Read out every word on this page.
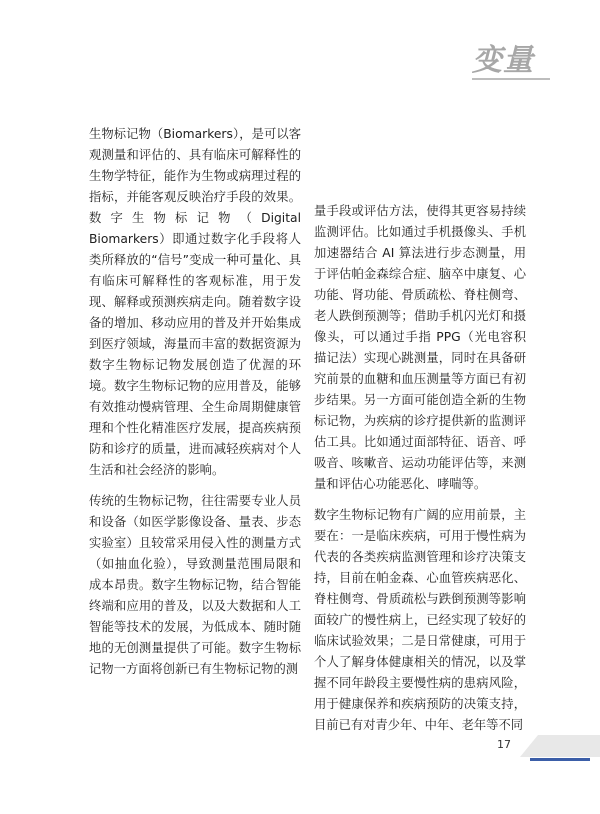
变量

生物标记物（Biomarkers），是可以客观测量和评估的、具有临床可解释性的生物学特征，能作为生物或病理过程的指标，并能客观反映治疗手段的效果。数字生物标记物（Digital Biomarkers）即通过数字化手段将人类所释放的“信号”变成一种可量化、具有临床可解释性的客观标准，用于发现、解释或预测疾病走向。随着数字设备的增加、移动应用的普及并开始集成到医疗领域，海量而丰富的数据资源为数字生物标记物发展创造了优渥的环境。数字生物标记物的应用普及，能够有效推动慢病管理、全生命周期健康管理和个性化精准医疗发展，提高疾病预防和诊疗的质量，进而减轻疾病对个人生活和社会经济的影响。

传统的生物标记物，往往需要专业人员和设备（如医学影像设备、量表、步态实验室）且较常采用侵入性的测量方式（如抽血化验），导致测量范围局限和成本昂贵。数字生物标记物，结合智能终端和应用的普及，以及大数据和人工智能等技术的发展，为低成本、随时随地的无创测量提供了可能。数字生物标记物一方面将创新已有生物标记物的测

量手段或评估方法，使得其更容易持续监测评估。比如通过手机摄像头、手机加速器结合 AI 算法进行步态测量，用于评估帕金森综合症、脑卒中康复、心功能、肾功能、骨质疏松、脊柱侧弯、老人跌倒预测等；借助手机闪光灯和摄像头，可以通过手指 PPG（光电容积描记法）实现心跳测量，同时在具备研究前景的血糖和血压测量等方面已有初步结果。另一方面可能创造全新的生物标记物，为疾病的诊疗提供新的监测评估工具。比如通过面部特征、语音、呼吸音、咳嗽音、运动功能评估等，来测量和评估心功能恶化、哮喘等。

数字生物标记物有广阔的应用前景，主要在：一是临床疾病，可用于慢性病为代表的各类疾病监测管理和诊疗决策支持，目前在帕金森、心血管疾病恶化、脊柱侧弯、骨质疏松与跌倒预测等影响面较广的慢性病上，已经实现了较好的临床试验效果；二是日常健康，可用于个人了解身体健康相关的情况，以及掌握不同年龄段主要慢性病的患病风险，用于健康保养和疾病预防的决策支持，目前已有对青少年、中年、老年等不同

17
